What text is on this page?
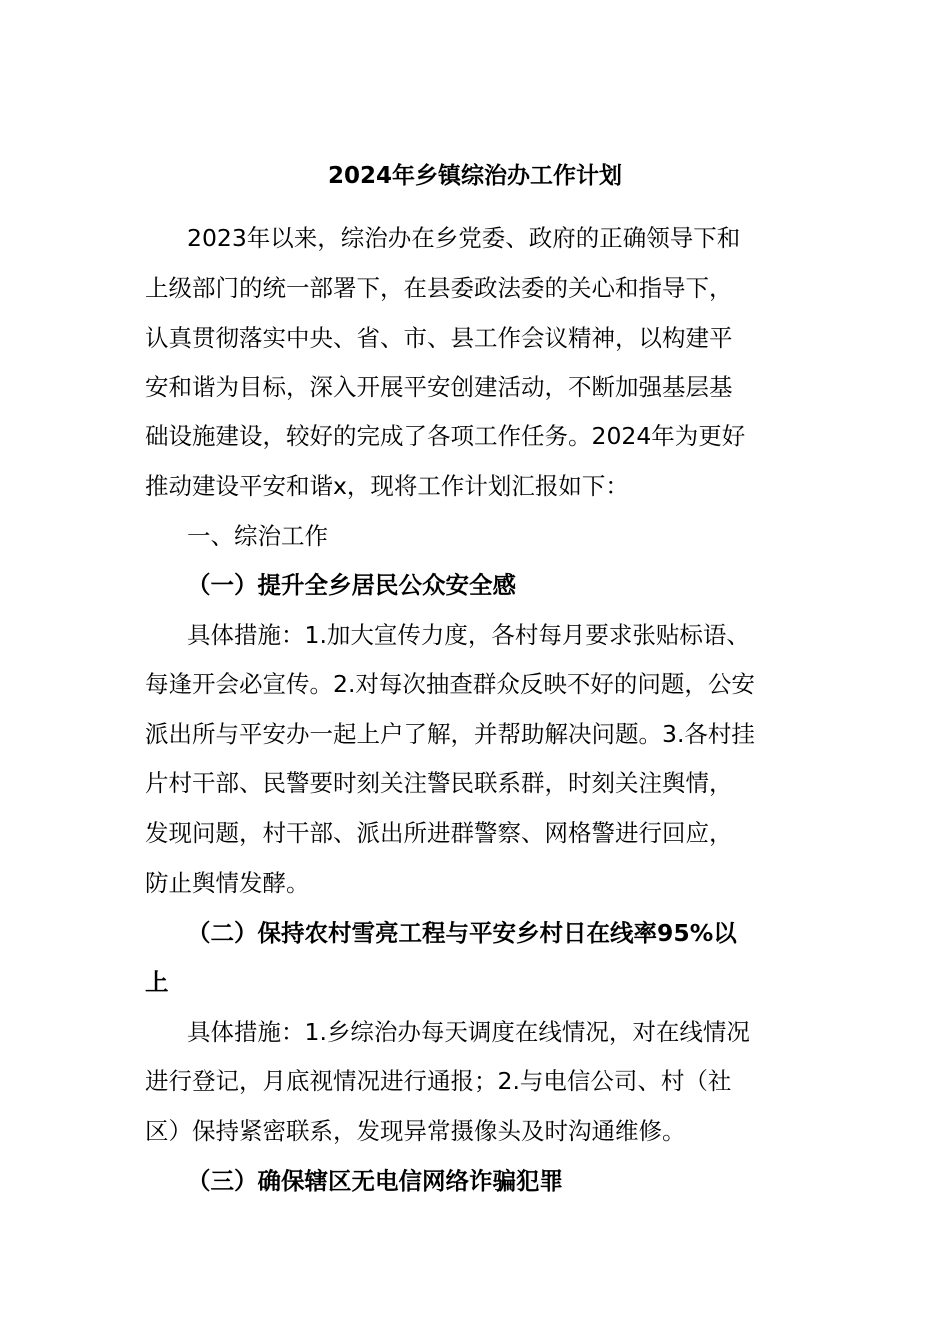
2024年乡镇综治办工作计划
2023年以来，综治办在乡党委、政府的正确领导下和
上级部门的统一部署下，在县委政法委的关心和指导下，
认真贯彻落实中央、省、市、县工作会议精神，以构建平
安和谐为目标，深入开展平安创建活动，不断加强基层基
础设施建设，较好的完成了各项工作任务。2024年为更好
推动建设平安和谐x，现将工作计划汇报如下：
一、综治工作
（一）提升全乡居民公众安全感
具体措施：1.加大宣传力度，各村每月要求张贴标语、
每逢开会必宣传。2.对每次抽查群众反映不好的问题，公安
派出所与平安办一起上户了解，并帮助解决问题。3.各村挂
片村干部、民警要时刻关注警民联系群，时刻关注舆情，
发现问题，村干部、派出所进群警察、网格警进行回应，
防止舆情发酵。
（二）保持农村雪亮工程与平安乡村日在线率95%以
上
具体措施：1.乡综治办每天调度在线情况，对在线情况
进行登记，月底视情况进行通报；2.与电信公司、村（社
区）保持紧密联系，发现异常摄像头及时沟通维修。
（三）确保辖区无电信网络诈骗犯罪
